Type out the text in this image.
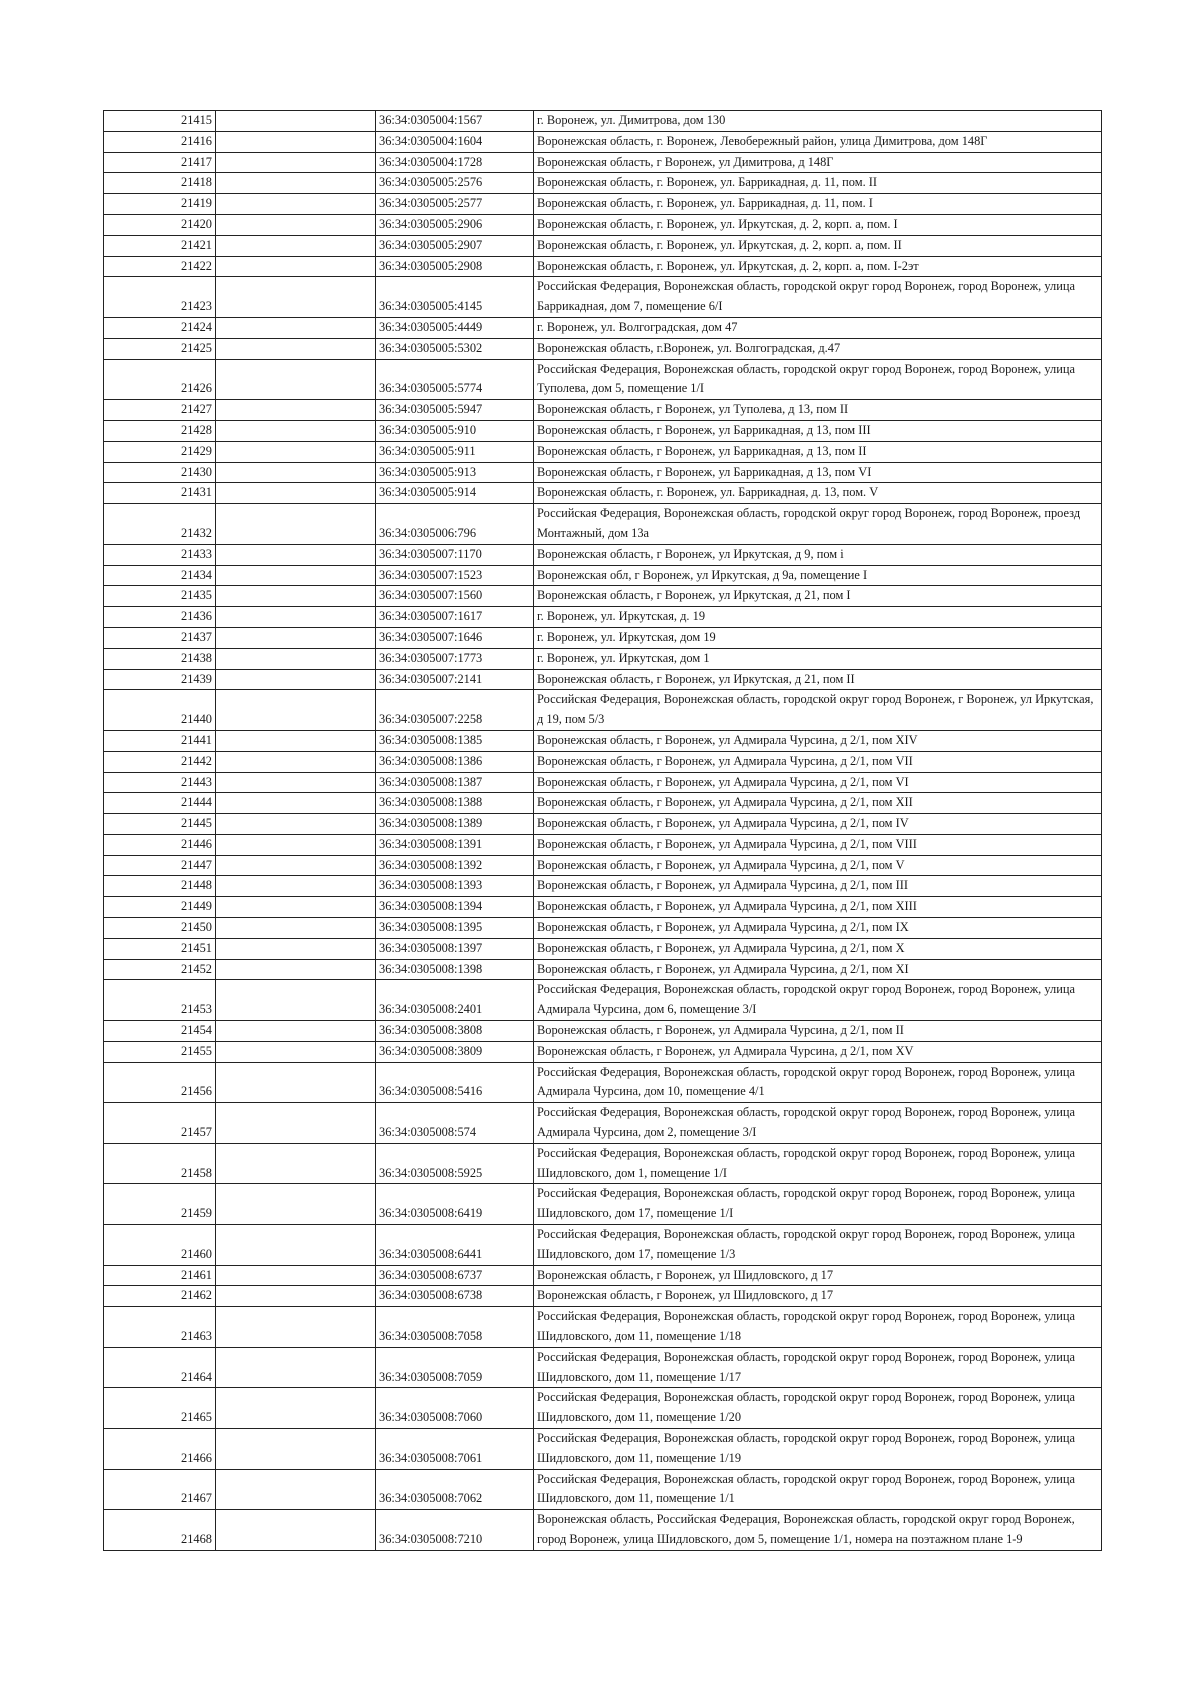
21415		36:34:0305004:1567	г. Воронеж, ул. Димитрова, дом 130
21416		36:34:0305004:1604	Воронежская область, г. Воронеж, Левобережный район, улица Димитрова, дом 148Г
21417		36:34:0305004:1728	Воронежская область, г Воронеж, ул Димитрова, д 148Г
21418		36:34:0305005:2576	Воронежская область, г. Воронеж, ул. Баррикадная, д. 11, пом. II
21419		36:34:0305005:2577	Воронежская область, г. Воронеж, ул. Баррикадная, д. 11, пом. I
21420		36:34:0305005:2906	Воронежская область, г. Воронеж, ул. Иркутская, д. 2, корп. а, пом. I
21421		36:34:0305005:2907	Воронежская область, г. Воронеж, ул. Иркутская, д. 2, корп. а, пом. II
21422		36:34:0305005:2908	Воронежская область, г. Воронеж, ул. Иркутская, д. 2, корп. а, пом. I-2эт
21423		36:34:0305005:4145	Российская Федерация, Воронежская область, городской округ город Воронеж, город Воронеж, улица Баррикадная, дом 7, помещение 6/I
21424		36:34:0305005:4449	г. Воронеж, ул. Волгоградская, дом 47
21425		36:34:0305005:5302	Воронежская область, г.Воронеж, ул. Волгоградская, д.47
21426		36:34:0305005:5774	Российская Федерация, Воронежская область, городской округ город Воронеж, город Воронеж, улица Туполева, дом 5, помещение 1/I
21427		36:34:0305005:5947	Воронежская область, г Воронеж, ул Туполева, д 13, пом II
21428		36:34:0305005:910	Воронежская область, г Воронеж, ул Баррикадная, д 13, пом III
21429		36:34:0305005:911	Воронежская область, г Воронеж, ул Баррикадная, д 13, пом II
21430		36:34:0305005:913	Воронежская область, г Воронеж, ул Баррикадная, д 13, пом VI
21431		36:34:0305005:914	Воронежская область, г. Воронеж, ул. Баррикадная, д. 13, пом. V
21432		36:34:0305006:796	Российская Федерация, Воронежская область, городской округ город Воронеж, город Воронеж, проезд Монтажный, дом 13а
21433		36:34:0305007:1170	Воронежская область, г Воронеж, ул Иркутская, д 9, пом і
21434		36:34:0305007:1523	Воронежская обл, г Воронеж, ул Иркутская, д 9а, помещение I
21435		36:34:0305007:1560	Воронежская область, г Воронеж, ул Иркутская, д 21, пом I
21436		36:34:0305007:1617	г. Воронеж, ул. Иркутская, д. 19
21437		36:34:0305007:1646	г. Воронеж, ул. Иркутская, дом 19
21438		36:34:0305007:1773	г. Воронеж, ул. Иркутская, дом 1
21439		36:34:0305007:2141	Воронежская область, г Воронеж, ул Иркутская, д 21, пом II
21440		36:34:0305007:2258	Российская Федерация, Воронежская область, городской округ город Воронеж, г Воронеж, ул Иркутская, д 19, пом 5/3
21441		36:34:0305008:1385	Воронежская область, г Воронеж, ул Адмирала Чурсина, д 2/1, пом XIV
21442		36:34:0305008:1386	Воронежская область, г Воронеж, ул Адмирала Чурсина, д 2/1, пом VII
21443		36:34:0305008:1387	Воронежская область, г Воронеж, ул Адмирала Чурсина, д 2/1, пом VI
21444		36:34:0305008:1388	Воронежская область, г Воронеж, ул Адмирала Чурсина, д 2/1, пом XII
21445		36:34:0305008:1389	Воронежская область, г Воронеж, ул Адмирала Чурсина, д 2/1, пом IV
21446		36:34:0305008:1391	Воронежская область, г Воронеж, ул Адмирала Чурсина, д 2/1, пом VIII
21447		36:34:0305008:1392	Воронежская область, г Воронеж, ул Адмирала Чурсина, д 2/1, пом V
21448		36:34:0305008:1393	Воронежская область, г Воронеж, ул Адмирала Чурсина, д 2/1, пом III
21449		36:34:0305008:1394	Воронежская область, г Воронеж, ул Адмирала Чурсина, д 2/1, пом XIII
21450		36:34:0305008:1395	Воронежская область, г Воронеж, ул Адмирала Чурсина, д 2/1, пом IX
21451		36:34:0305008:1397	Воронежская область, г Воронеж, ул Адмирала Чурсина, д 2/1, пом X
21452		36:34:0305008:1398	Воронежская область, г Воронеж, ул Адмирала Чурсина, д 2/1, пом XI
21453		36:34:0305008:2401	Российская Федерация, Воронежская область, городской округ город Воронеж, город Воронеж, улица Адмирала Чурсина, дом 6, помещение 3/I
21454		36:34:0305008:3808	Воронежская область, г Воронеж, ул Адмирала Чурсина, д 2/1, пом II
21455		36:34:0305008:3809	Воронежская область, г Воронеж, ул Адмирала Чурсина, д 2/1, пом XV
21456		36:34:0305008:5416	Российская Федерация, Воронежская область, городской округ город Воронеж, город Воронеж, улица Адмирала Чурсина, дом 10, помещение 4/1
21457		36:34:0305008:574	Российская Федерация, Воронежская область, городской округ город Воронеж, город Воронеж, улица Адмирала Чурсина, дом 2, помещение 3/I
21458		36:34:0305008:5925	Российская Федерация, Воронежская область, городской округ город Воронеж, город Воронеж, улица Шидловского, дом 1, помещение 1/I
21459		36:34:0305008:6419	Российская Федерация, Воронежская область, городской округ город Воронеж, город Воронеж, улица Шидловского, дом 17, помещение 1/I
21460		36:34:0305008:6441	Российская Федерация, Воронежская область, городской округ город Воронеж, город Воронеж, улица Шидловского, дом 17, помещение 1/3
21461		36:34:0305008:6737	Воронежская область, г Воронеж, ул Шидловского, д 17
21462		36:34:0305008:6738	Воронежская область, г Воронеж, ул Шидловского, д 17
21463		36:34:0305008:7058	Российская Федерация, Воронежская область, городской округ город Воронеж, город Воронеж, улица Шидловского, дом 11, помещение 1/18
21464		36:34:0305008:7059	Российская Федерация, Воронежская область, городской округ город Воронеж, город Воронеж, улица Шидловского, дом 11, помещение 1/17
21465		36:34:0305008:7060	Российская Федерация, Воронежская область, городской округ город Воронеж, город Воронеж, улица Шидловского, дом 11, помещение 1/20
21466		36:34:0305008:7061	Российская Федерация, Воронежская область, городской округ город Воронеж, город Воронеж, улица Шидловского, дом 11, помещение 1/19
21467		36:34:0305008:7062	Российская Федерация, Воронежская область, городской округ город Воронеж, город Воронеж, улица Шидловского, дом 11, помещение 1/1
21468		36:34:0305008:7210	Воронежская область, Российская Федерация, Воронежская область, городской округ город Воронеж, город Воронеж, улица Шидловского, дом 5, помещение 1/1, номера на поэтажном плане 1-9
